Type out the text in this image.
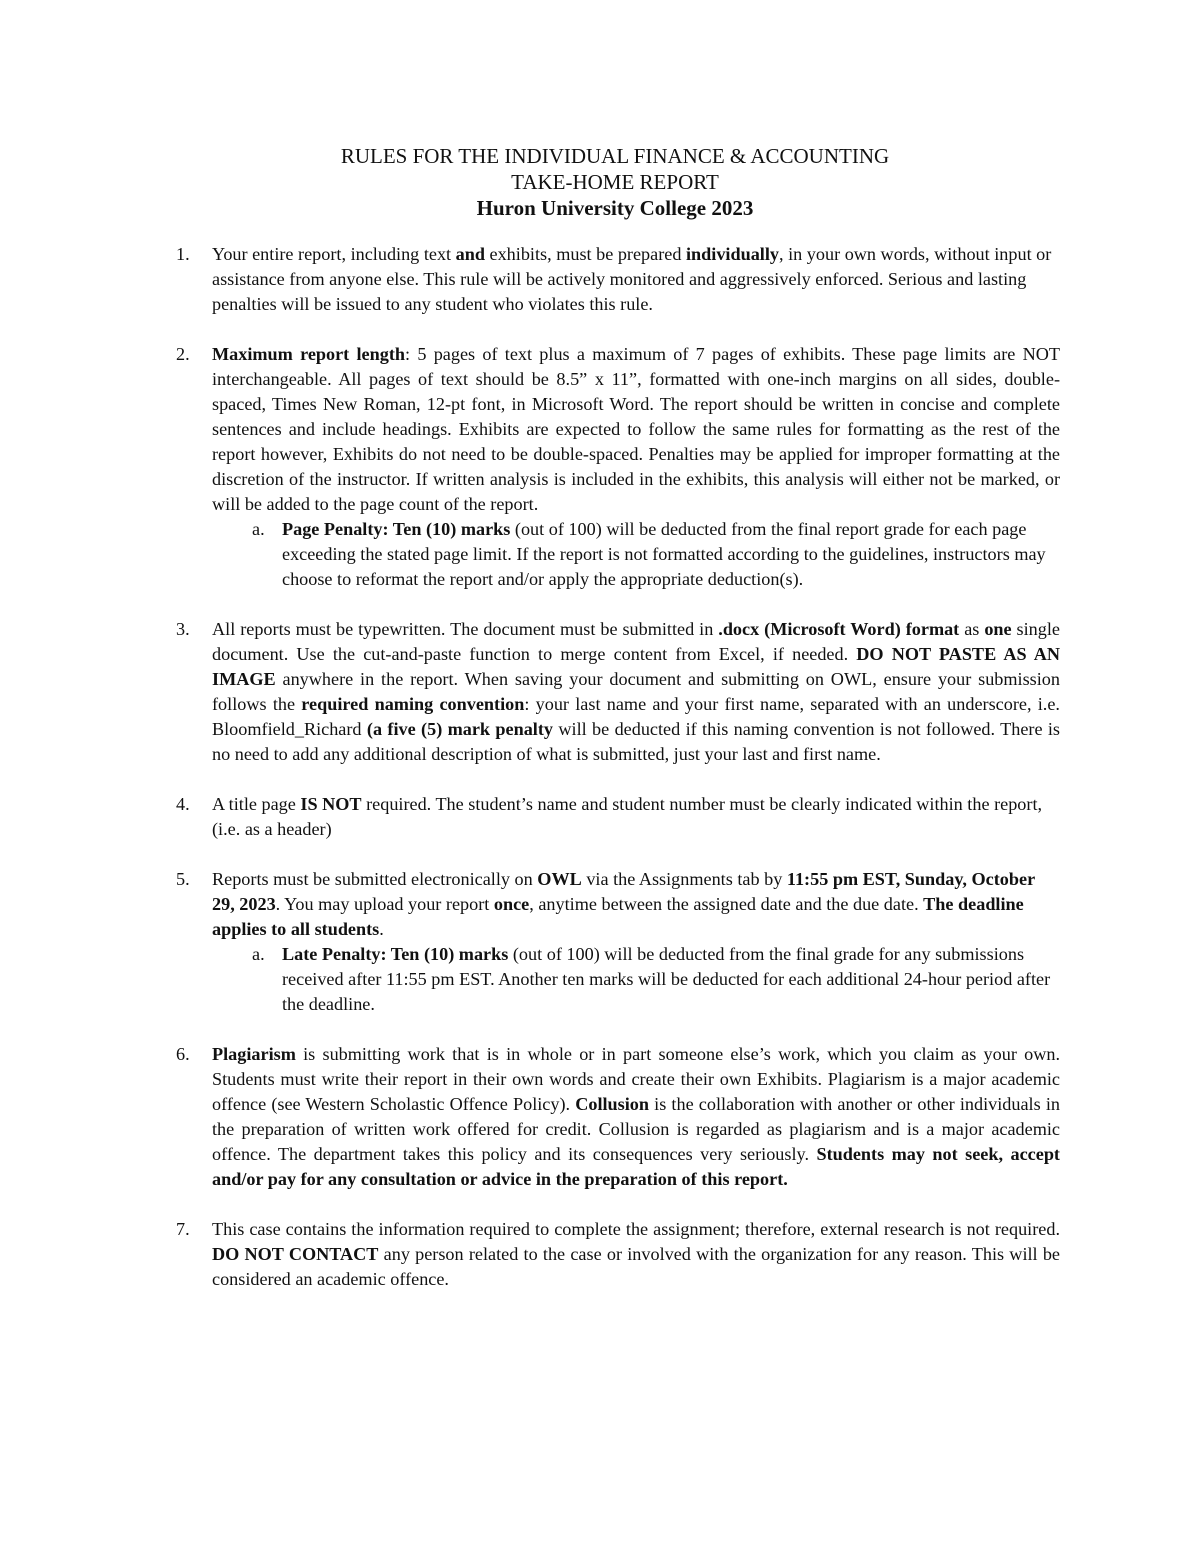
RULES FOR THE INDIVIDUAL FINANCE & ACCOUNTING
TAKE-HOME REPORT
Huron University College 2023
1. Your entire report, including text and exhibits, must be prepared individually, in your own words, without input or assistance from anyone else. This rule will be actively monitored and aggressively enforced. Serious and lasting penalties will be issued to any student who violates this rule.
2. Maximum report length: 5 pages of text plus a maximum of 7 pages of exhibits. These page limits are NOT interchangeable. All pages of text should be 8.5” x 11”, formatted with one-inch margins on all sides, double-spaced, Times New Roman, 12-pt font, in Microsoft Word. The report should be written in concise and complete sentences and include headings. Exhibits are expected to follow the same rules for formatting as the rest of the report however, Exhibits do not need to be double-spaced. Penalties may be applied for improper formatting at the discretion of the instructor. If written analysis is included in the exhibits, this analysis will either not be marked, or will be added to the page count of the report.
a. Page Penalty: Ten (10) marks (out of 100) will be deducted from the final report grade for each page exceeding the stated page limit. If the report is not formatted according to the guidelines, instructors may choose to reformat the report and/or apply the appropriate deduction(s).
3. All reports must be typewritten. The document must be submitted in .docx (Microsoft Word) format as one single document. Use the cut-and-paste function to merge content from Excel, if needed. DO NOT PASTE AS AN IMAGE anywhere in the report. When saving your document and submitting on OWL, ensure your submission follows the required naming convention: your last name and your first name, separated with an underscore, i.e. Bloomfield_Richard (a five (5) mark penalty will be deducted if this naming convention is not followed. There is no need to add any additional description of what is submitted, just your last and first name.
4. A title page IS NOT required. The student’s name and student number must be clearly indicated within the report, (i.e. as a header)
5. Reports must be submitted electronically on OWL via the Assignments tab by 11:55 pm EST, Sunday, October 29, 2023. You may upload your report once, anytime between the assigned date and the due date. The deadline applies to all students.
a. Late Penalty: Ten (10) marks (out of 100) will be deducted from the final grade for any submissions received after 11:55 pm EST. Another ten marks will be deducted for each additional 24-hour period after the deadline.
6. Plagiarism is submitting work that is in whole or in part someone else’s work, which you claim as your own. Students must write their report in their own words and create their own Exhibits. Plagiarism is a major academic offence (see Western Scholastic Offence Policy). Collusion is the collaboration with another or other individuals in the preparation of written work offered for credit. Collusion is regarded as plagiarism and is a major academic offence. The department takes this policy and its consequences very seriously. Students may not seek, accept and/or pay for any consultation or advice in the preparation of this report.
7. This case contains the information required to complete the assignment; therefore, external research is not required. DO NOT CONTACT any person related to the case or involved with the organization for any reason. This will be considered an academic offence.
